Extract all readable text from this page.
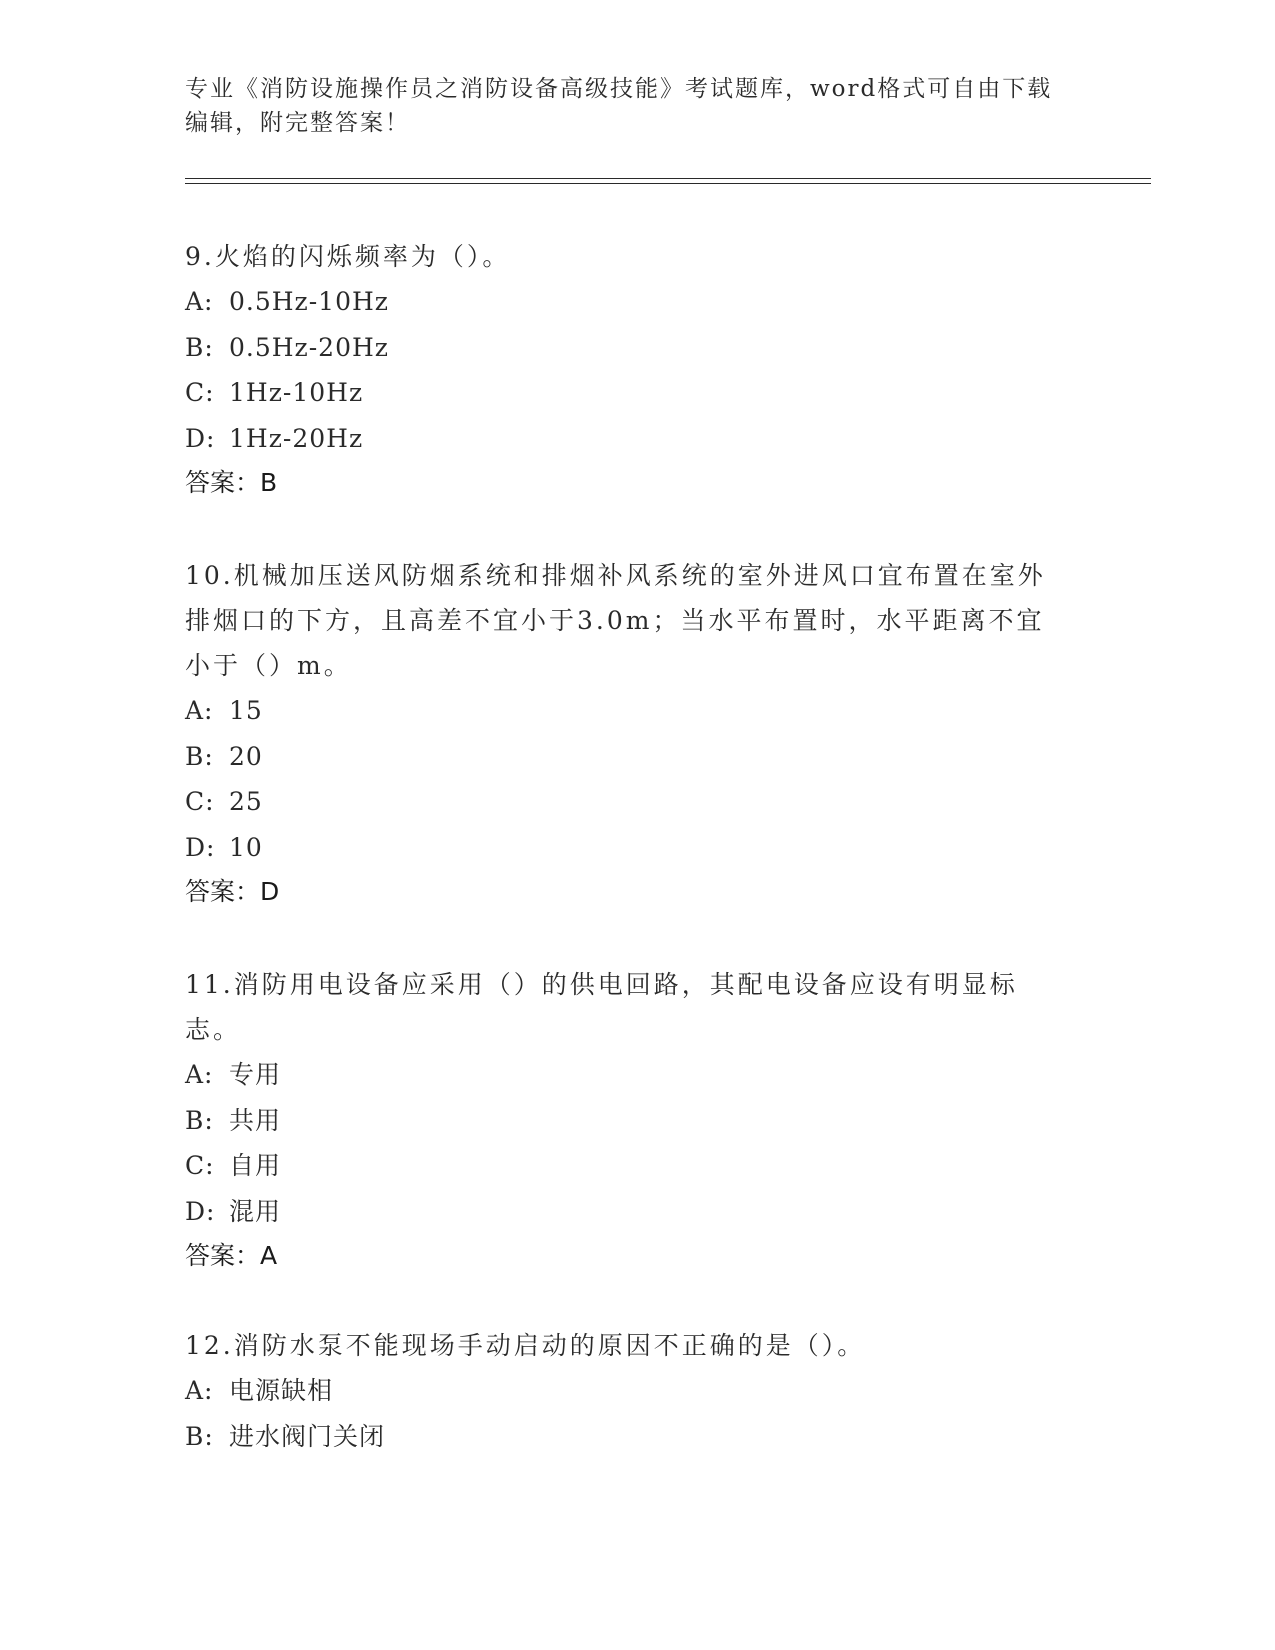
专业《消防设施操作员之消防设备高级技能》考试题库，word格式可自由下载编辑，附完整答案！

9.火焰的闪烁频率为（）。

A: 0.5Hz-10Hz

B: 0.5Hz-20Hz

C: 1Hz-10Hz

D: 1Hz-20Hz

答案：B

10.机械加压送风防烟系统和排烟补风系统的室外进风口宜布置在室外排烟口的下方，且高差不宜小于3.0m；当水平布置时，水平距离不宜小于（）m。

A: 15

B: 20

C: 25

D: 10

答案：D

11.消防用电设备应采用（）的供电回路，其配电设备应设有明显标志。

A: 专用

B: 共用

C: 自用

D: 混用

答案：A

12.消防水泵不能现场手动启动的原因不正确的是（）。

A: 电源缺相

B: 进水阀门关闭
